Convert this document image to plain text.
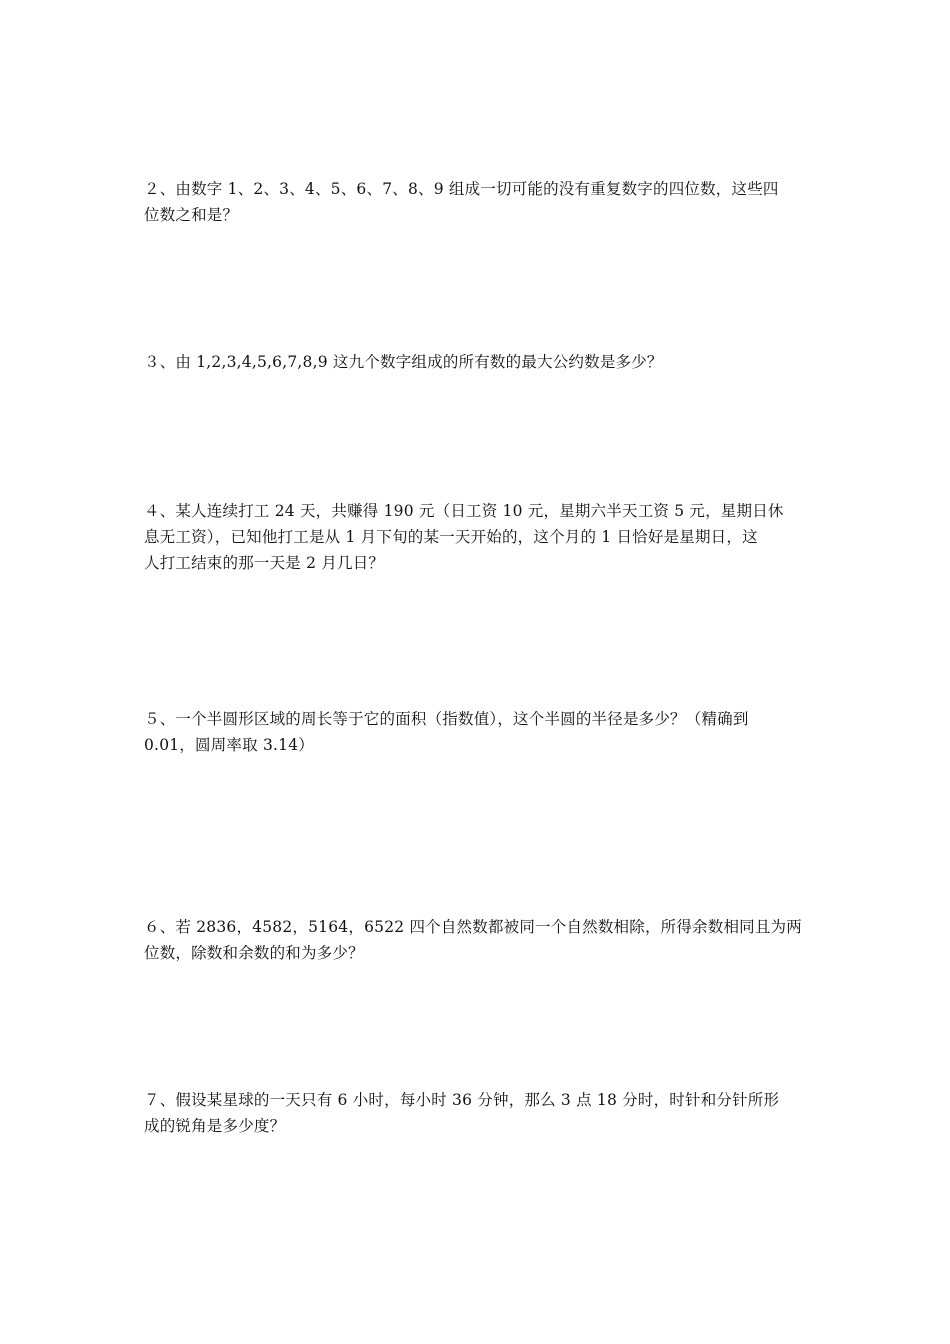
２、由数字 1、2、3、4、5、6、7、8、9 组成一切可能的没有重复数字的四位数，这些四
位数之和是？
３、由 1,2,3,4,5,6,7,8,9 这九个数字组成的所有数的最大公约数是多少？
４、某人连续打工 24 天，共赚得 190 元（日工资 10 元，星期六半天工资 5 元，星期日休
息无工资），已知他打工是从 1 月下旬的某一天开始的，这个月的 1 日恰好是星期日，这
人打工结束的那一天是 2 月几日？
５、一个半圆形区域的周长等于它的面积（指数值），这个半圆的半径是多少？（精确到
0.01，圆周率取 3.14）
６、若 2836，4582，5164，6522 四个自然数都被同一个自然数相除，所得余数相同且为两
位数，除数和余数的和为多少？
７、假设某星球的一天只有 6 小时，每小时 36 分钟，那么 3 点 18 分时，时针和分针所形
成的锐角是多少度？
